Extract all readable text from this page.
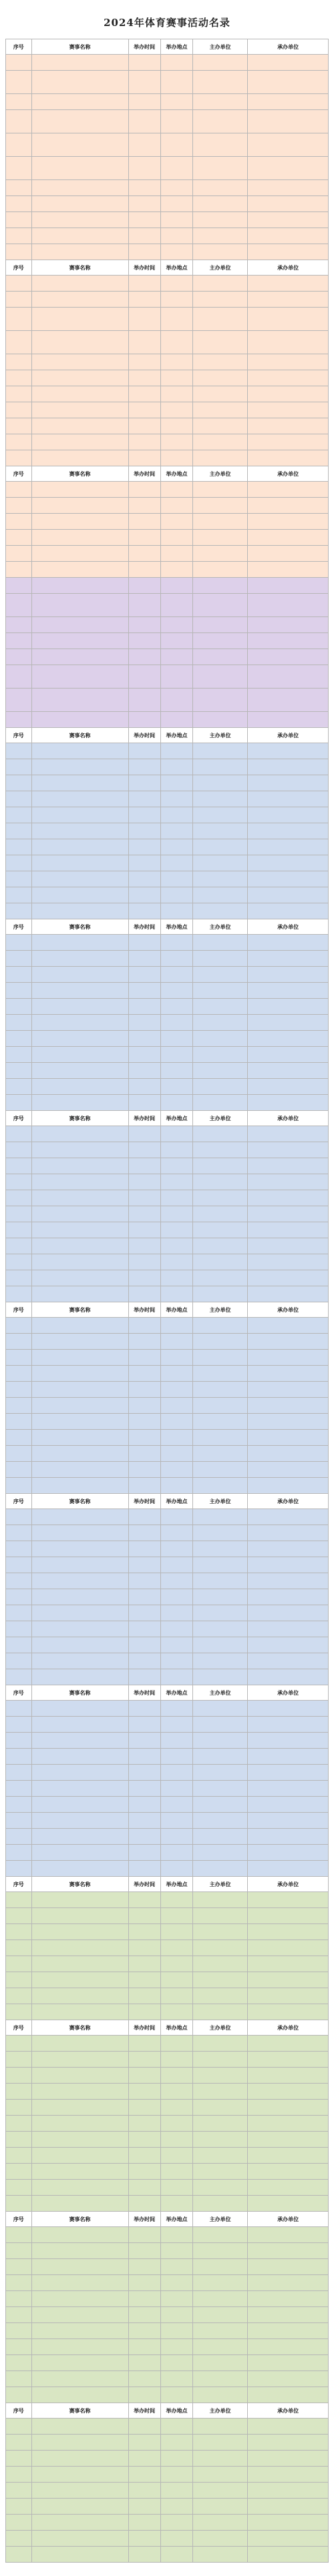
2024年体育赛事活动名录
序号	赛事名称	举办时间	举办地点	主办单位	承办单位

序号	赛事名称	举办时间	举办地点	主办单位	承办单位

序号	赛事名称	举办时间	举办地点	主办单位	承办单位

序号	赛事名称	举办时间	举办地点	主办单位	承办单位

序号	赛事名称	举办时间	举办地点	主办单位	承办单位

序号	赛事名称	举办时间	举办地点	主办单位	承办单位

序号	赛事名称	举办时间	举办地点	主办单位	承办单位

序号	赛事名称	举办时间	举办地点	主办单位	承办单位

序号	赛事名称	举办时间	举办地点	主办单位	承办单位

序号	赛事名称	举办时间	举办地点	主办单位	承办单位

序号	赛事名称	举办时间	举办地点	主办单位	承办单位

序号	赛事名称	举办时间	举办地点	主办单位	承办单位

序号	赛事名称	举办时间	举办地点	主办单位	承办单位
